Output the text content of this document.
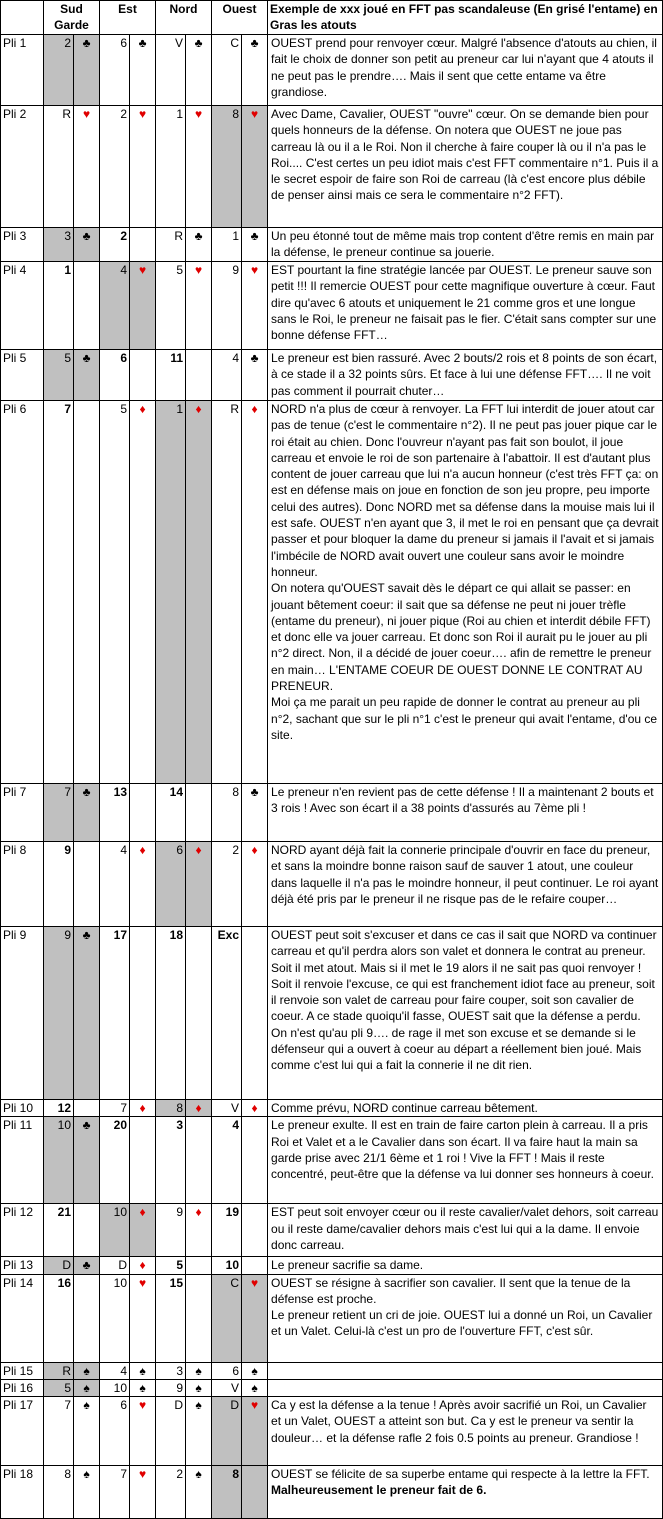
	Sud Garde		Est		Nord		Ouest		Exemple de xxx joué en FFT pas scandaleuse (En grisé l'entame) en Gras les atouts
Pli 1	2	♣	6	♣	V	♣	C	♣	OUEST prend pour renvoyer cœur. Malgré l'absence d'atouts au chien, il fait le choix de donner son petit au preneur car lui n'ayant que 4 atouts il ne peut pas le prendre…. Mais il sent que cette entame va être grandiose.

Pli 2	R	♥	2	♥	1	♥	8	♥	Avec Dame, Cavalier, OUEST "ouvre" cœur. On se demande bien pour quels honneurs de la défense. On notera que OUEST ne joue pas carreau là ou il a le Roi. Non il cherche à faire couper là ou il n'a pas le Roi.... C'est certes un peu idiot mais c'est FFT commentaire n°1. Puis il a le secret espoir de faire son Roi de carreau (là c'est encore plus débile de penser ainsi mais ce sera le commentaire n°2 FFT).

Pli 3	3	♣	2		R	♣	1	♣	Un peu étonné tout de même mais trop content d'être remis en main par la défense, le preneur continue sa jouerie.

Pli 4	1		4	♥	5	♥	9	♥	EST pourtant la fine stratégie lancée par OUEST. Le preneur sauve son petit !!! Il remercie OUEST pour cette magnifique ouverture à cœur. Faut dire qu'avec 6 atouts et uniquement le 21 comme gros et une longue sans le Roi, le preneur ne faisait pas le fier. C'était sans compter sur une bonne défense FFT…

Pli 5	5	♣	6		11		4	♣	Le preneur est bien rassuré. Avec 2 bouts/2 rois et 8 points de son écart, à ce stade il a 32 points sûrs. Et face à lui une défense FFT…. Il ne voit pas comment il pourrait chuter…

Pli 6	7		5	♦	1	♦	R	♦	NORD n'a plus de cœur à renvoyer. La FFT lui interdit de jouer atout car pas de tenue (c'est le commentaire n°2). Il ne peut pas jouer pique car le roi était au chien. Donc l'ouvreur n'ayant pas fait son boulot, il joue carreau et envoie le roi de son partenaire à l'abattoir. Il est d'autant plus content de jouer carreau que lui n'a aucun honneur (c'est très FFT ça: on est en défense mais on joue en fonction de son jeu propre, peu importe celui des autres). Donc NORD met sa défense dans la mouise mais lui il est safe. OUEST n'en ayant que 3, il met le roi en pensant que ça devrait passer et pour bloquer la dame du preneur si jamais il l'avait et si jamais l'imbécile de NORD avait ouvert une couleur sans avoir le moindre honneur.
On notera qu'OUEST savait dès le départ ce qui allait se passer: en jouant bêtement coeur: il sait que sa défense ne peut ni jouer trèfle (entame du preneur), ni jouer pique (Roi au chien et interdit débile FFT) et donc elle va jouer carreau. Et donc son Roi il aurait pu le jouer au pli n°2 direct. Non, il a décidé de jouer coeur…. afin de remettre le preneur en main… L'ENTAME COEUR DE OUEST DONNE LE CONTRAT AU PRENEUR.
Moi ça me parait un peu rapide de donner le contrat au preneur au pli n°2, sachant que sur le pli n°1 c'est le preneur qui avait l'entame, d'ou ce site.

Pli 7	7	♣	13		14		8	♣	Le preneur n'en revient pas de cette défense ! Il a maintenant 2 bouts et 3 rois ! Avec son écart il a 38 points d'assurés au 7ème pli !

Pli 8	9		4	♦	6	♦	2	♦	NORD ayant déjà fait la connerie principale d'ouvrir en face du preneur, et sans la moindre bonne raison sauf de sauver 1 atout, une couleur dans laquelle il n'a pas le moindre honneur, il peut continuer. Le roi ayant déjà été pris par le preneur il ne risque pas de le refaire couper…

Pli 9	9	♣	17		18		Exc		OUEST peut soit s'excuser et dans ce cas il sait que NORD va continuer carreau et qu'il perdra alors son valet et donnera le contrat au preneur. Soit il met atout. Mais si il met le 19 alors il ne sait pas quoi renvoyer ! Soit il renvoie l'excuse, ce qui est franchement idiot face au preneur, soit il renvoie son valet de carreau pour faire couper, soit son cavalier de coeur. A ce stade quoiqu'il fasse, OUEST sait que la défense a perdu. On n'est qu'au pli 9…. de rage il met son excuse et se demande si le défenseur qui a ouvert à coeur au départ a réellement bien joué. Mais comme c'est lui qui a fait la connerie il ne dit rien.

Pli 10	12		7	♦	8	♦	V	♦	Comme prévu, NORD continue carreau bêtement.

Pli 11	10	♣	20		3		4		Le preneur exulte. Il est en train de faire carton plein à carreau. Il a pris Roi et Valet et a le Cavalier dans son écart. Il va faire haut la main sa garde prise avec 21/1 6ème et 1 roi ! Vive la FFT ! Mais il reste concentré, peut-être que la défense va lui donner ses honneurs à coeur.

Pli 12	21		10	♦	9	♦	19		EST peut soit envoyer cœur ou il reste cavalier/valet dehors, soit carreau ou il reste dame/cavalier dehors mais c'est lui qui a la dame. Il envoie donc carreau.

Pli 13	D	♣	D	♦	5		10		Le preneur sacrifie sa dame.

Pli 14	16		10	♥	15		C	♥	OUEST se résigne à sacrifier son cavalier. Il sent que la tenue de la défense est proche.
Le preneur retient un cri de joie. OUEST lui a donné un Roi, un Cavalier et un Valet. Celui-là c'est un pro de l'ouverture FFT, c'est sûr.

Pli 15	R	♠	4	♠	3	♠	6	♠	

Pli 16	5	♠	10	♠	9	♠	V	♠	

Pli 17	7	♠	6	♥	D	♠	D	♥	Ca y est la défense a la tenue ! Après avoir sacrifié un Roi, un Cavalier et un Valet, OUEST a atteint son but. Ca y est le preneur va sentir la douleur… et la défense rafle 2 fois 0.5 points au preneur. Grandiose !

Pli 18	8	♠	7	♥	2	♠	8		OUEST se félicite de sa superbe entame qui respecte à la lettre la FFT.
Malheureusement le preneur fait de 6.
